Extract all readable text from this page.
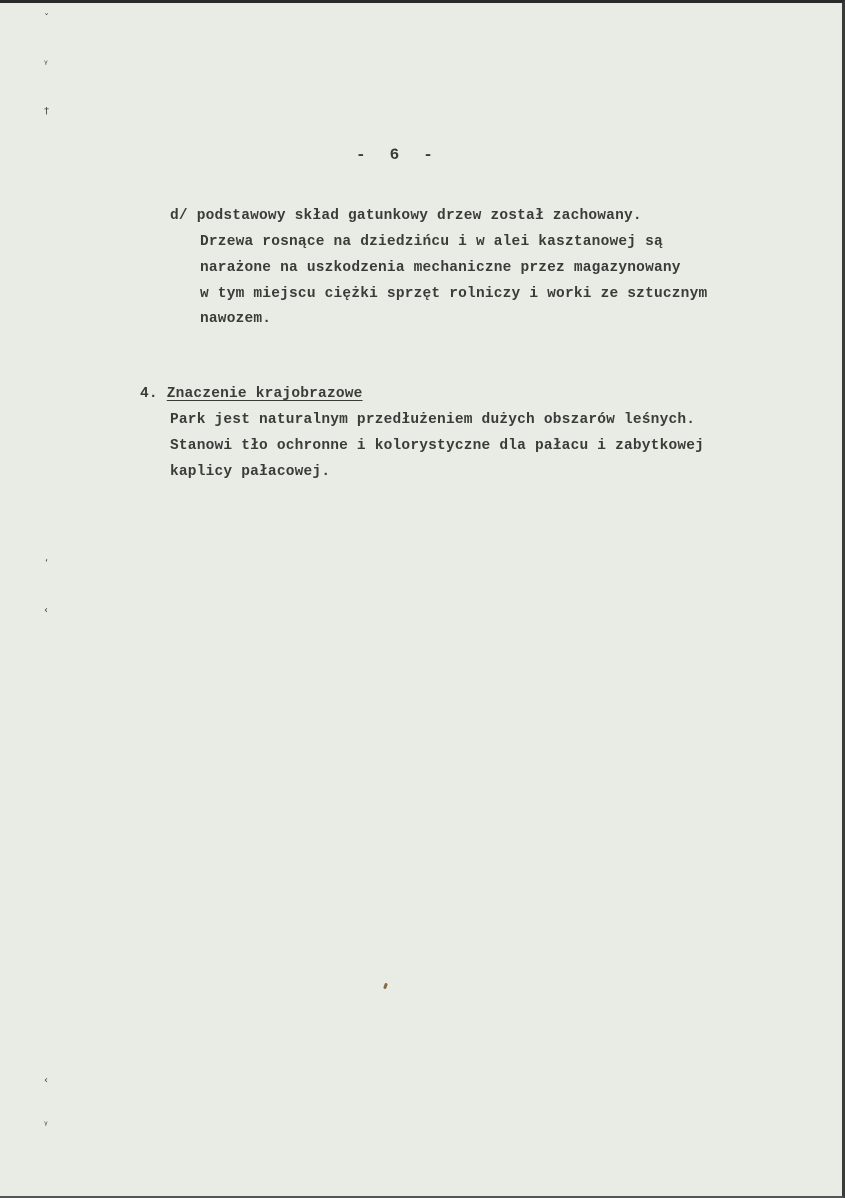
ˇ
ᵞ
†
‘
‹
‹
ᵞ
- 6 -
d/ podstawowy skład gatunkowy drzew został zachowany.
Drzewa rosnące na dziedzińcu i w alei kasztanowej są
narażone na uszkodzenia mechaniczne przez magazynowany
w tym miejscu ciężki sprzęt rolniczy i worki ze sztucznym
nawozem.
4. Znaczenie krajobrazowe
Park jest naturalnym przedłużeniem dużych obszarów leśnych.
Stanowi tło ochronne i kolorystyczne dla pałacu i zabytkowej
kaplicy pałacowej.
